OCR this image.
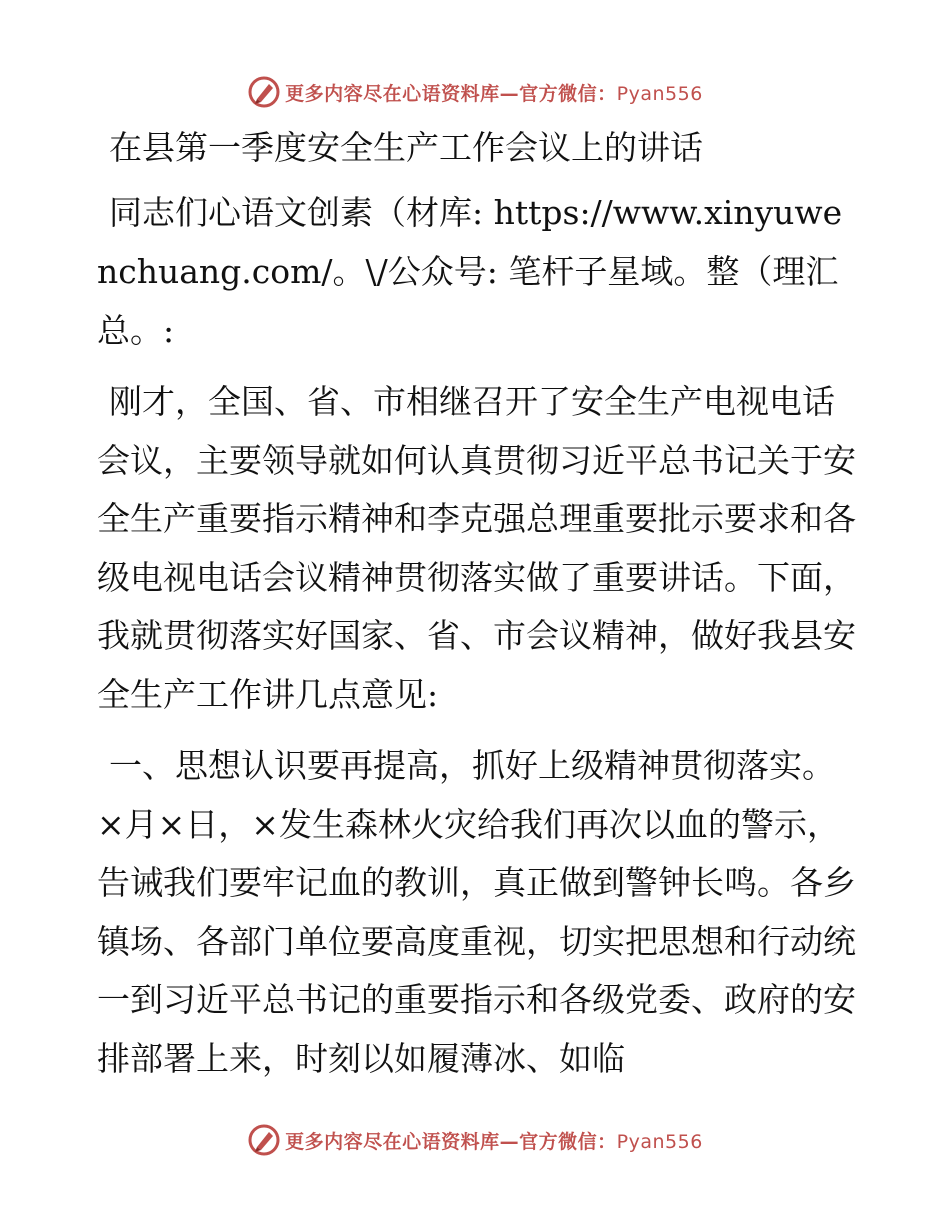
更多内容尽在心语资料库—官方微信：Pyan556

在县第一季度安全生产工作会议上的讲话

同志们心语文创素（材库: https://www.xinyuwenchuang.com/。\/公众号: 笔杆子星域。整（理汇总。:

刚才，全国、省、市相继召开了安全生产电视电话会议，主要领导就如何认真贯彻习近平总书记关于安全生产重要指示精神和李克强总理重要批示要求和各级电视电话会议精神贯彻落实做了重要讲话。下面，我就贯彻落实好国家、省、市会议精神，做好我县安全生产工作讲几点意见:

一、思想认识要再提高，抓好上级精神贯彻落实。×月×日，×发生森林火灾给我们再次以血的警示，告诫我们要牢记血的教训，真正做到警钟长鸣。各乡镇场、各部门单位要高度重视，切实把思想和行动统一到习近平总书记的重要指示和各级党委、政府的安排部署上来，时刻以如履薄冰、如临

更多内容尽在心语资料库—官方微信：Pyan556
